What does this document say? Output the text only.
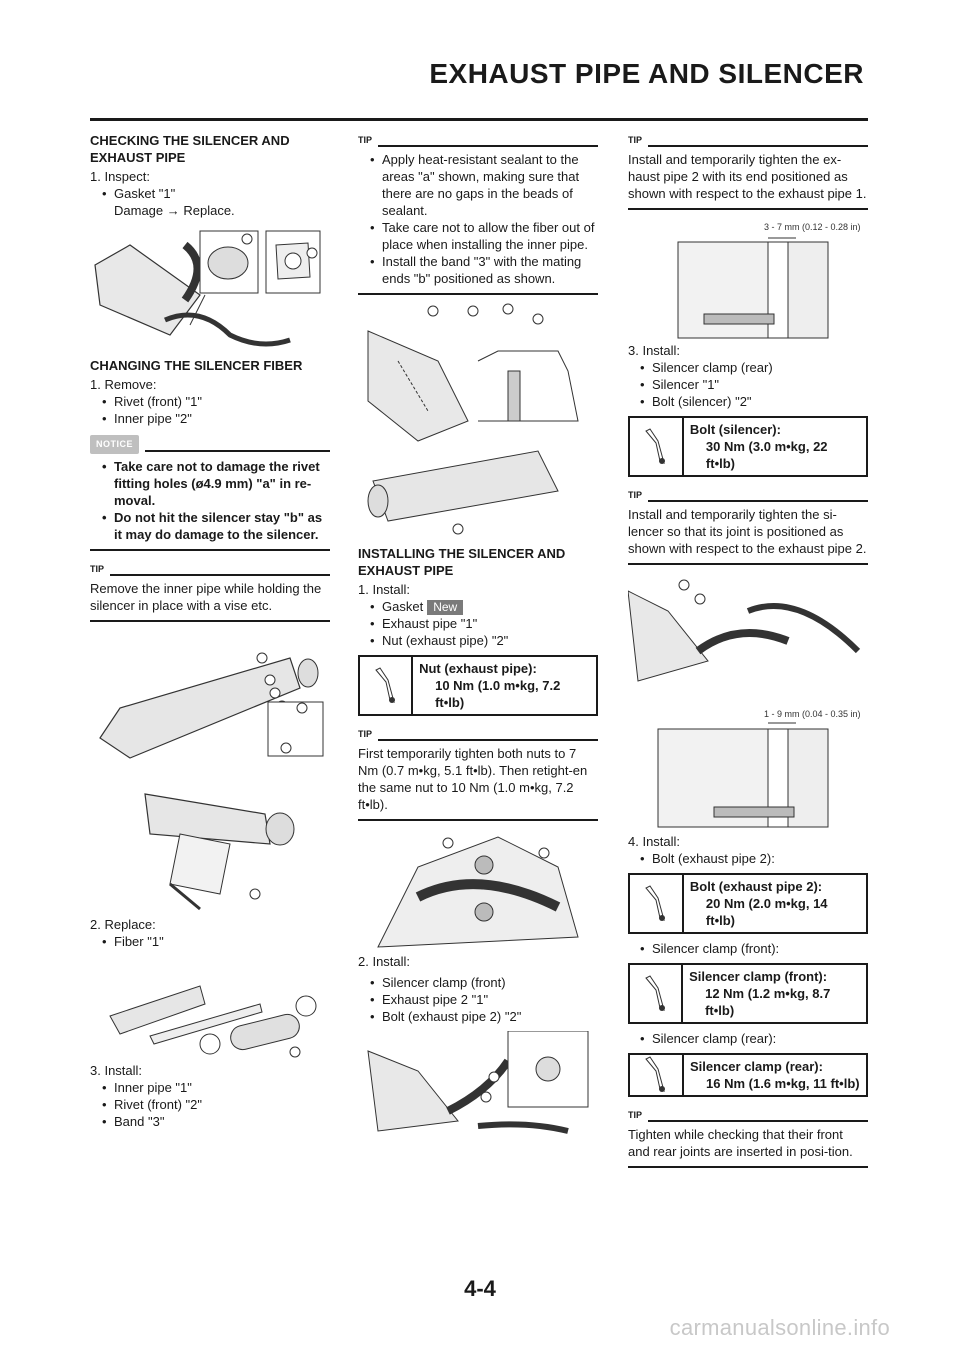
EXHAUST PIPE AND SILENCER
CHECKING THE SILENCER AND EXHAUST PIPE
1. Inspect:
• Gasket "1"
Damage → Replace.
CHANGING THE SILENCER FIBER
1. Remove:
• Rivet (front) "1"
• Inner pipe "2"
NOTICE
• Take care not to damage the rivet fitting holes (ø4.9 mm) "a" in re-moval.
• Do not hit the silencer stay "b" as it may do damage to the silencer.
TIP
Remove the inner pipe while holding the silencer in place with a vise etc.
2. Replace:
• Fiber "1"
3. Install:
• Inner pipe "1"
• Rivet (front) "2"
• Band "3"
TIP
• Apply heat-resistant sealant to the areas "a" shown, making sure that there are no gaps in the beads of sealant.
• Take care not to allow the fiber out of place when installing the inner pipe.
• Install the band "3" with the mating ends "b" positioned as shown.
INSTALLING THE SILENCER AND EXHAUST PIPE
1. Install:
• Gasket New
• Exhaust pipe "1"
• Nut (exhaust pipe) "2"
Nut (exhaust pipe):
10 Nm (1.0 m•kg, 7.2 ft•lb)
TIP
First temporarily tighten both nuts to 7 Nm (0.7 m•kg, 5.1 ft•lb). Then retight-en the same nut to 10 Nm (1.0 m•kg, 7.2 ft•lb).
2. Install:
• Silencer clamp (front)
• Exhaust pipe 2 "1"
• Bolt (exhaust pipe 2) "2"
TIP
Install and temporarily tighten the ex-haust pipe 2 with its end positioned as shown with respect to the exhaust pipe 1.
3 - 7 mm (0.12 - 0.28 in)
3. Install:
• Silencer clamp (rear)
• Silencer "1"
• Bolt (silencer) "2"
Bolt (silencer):
30 Nm (3.0 m•kg, 22 ft•lb)
TIP
Install and temporarily tighten the si-lencer so that its joint is positioned as shown with respect to the exhaust pipe 2.
1 - 9 mm (0.04 - 0.35 in)
4. Install:
• Bolt (exhaust pipe 2):
Bolt (exhaust pipe 2):
20 Nm (2.0 m•kg, 14 ft•lb)
• Silencer clamp (front):
Silencer clamp (front):
12 Nm (1.2 m•kg, 8.7 ft•lb)
• Silencer clamp (rear):
Silencer clamp (rear):
16 Nm (1.6 m•kg, 11 ft•lb)
TIP
Tighten while checking that their front and rear joints are inserted in posi-tion.
4-4
carmanualsonline.info
